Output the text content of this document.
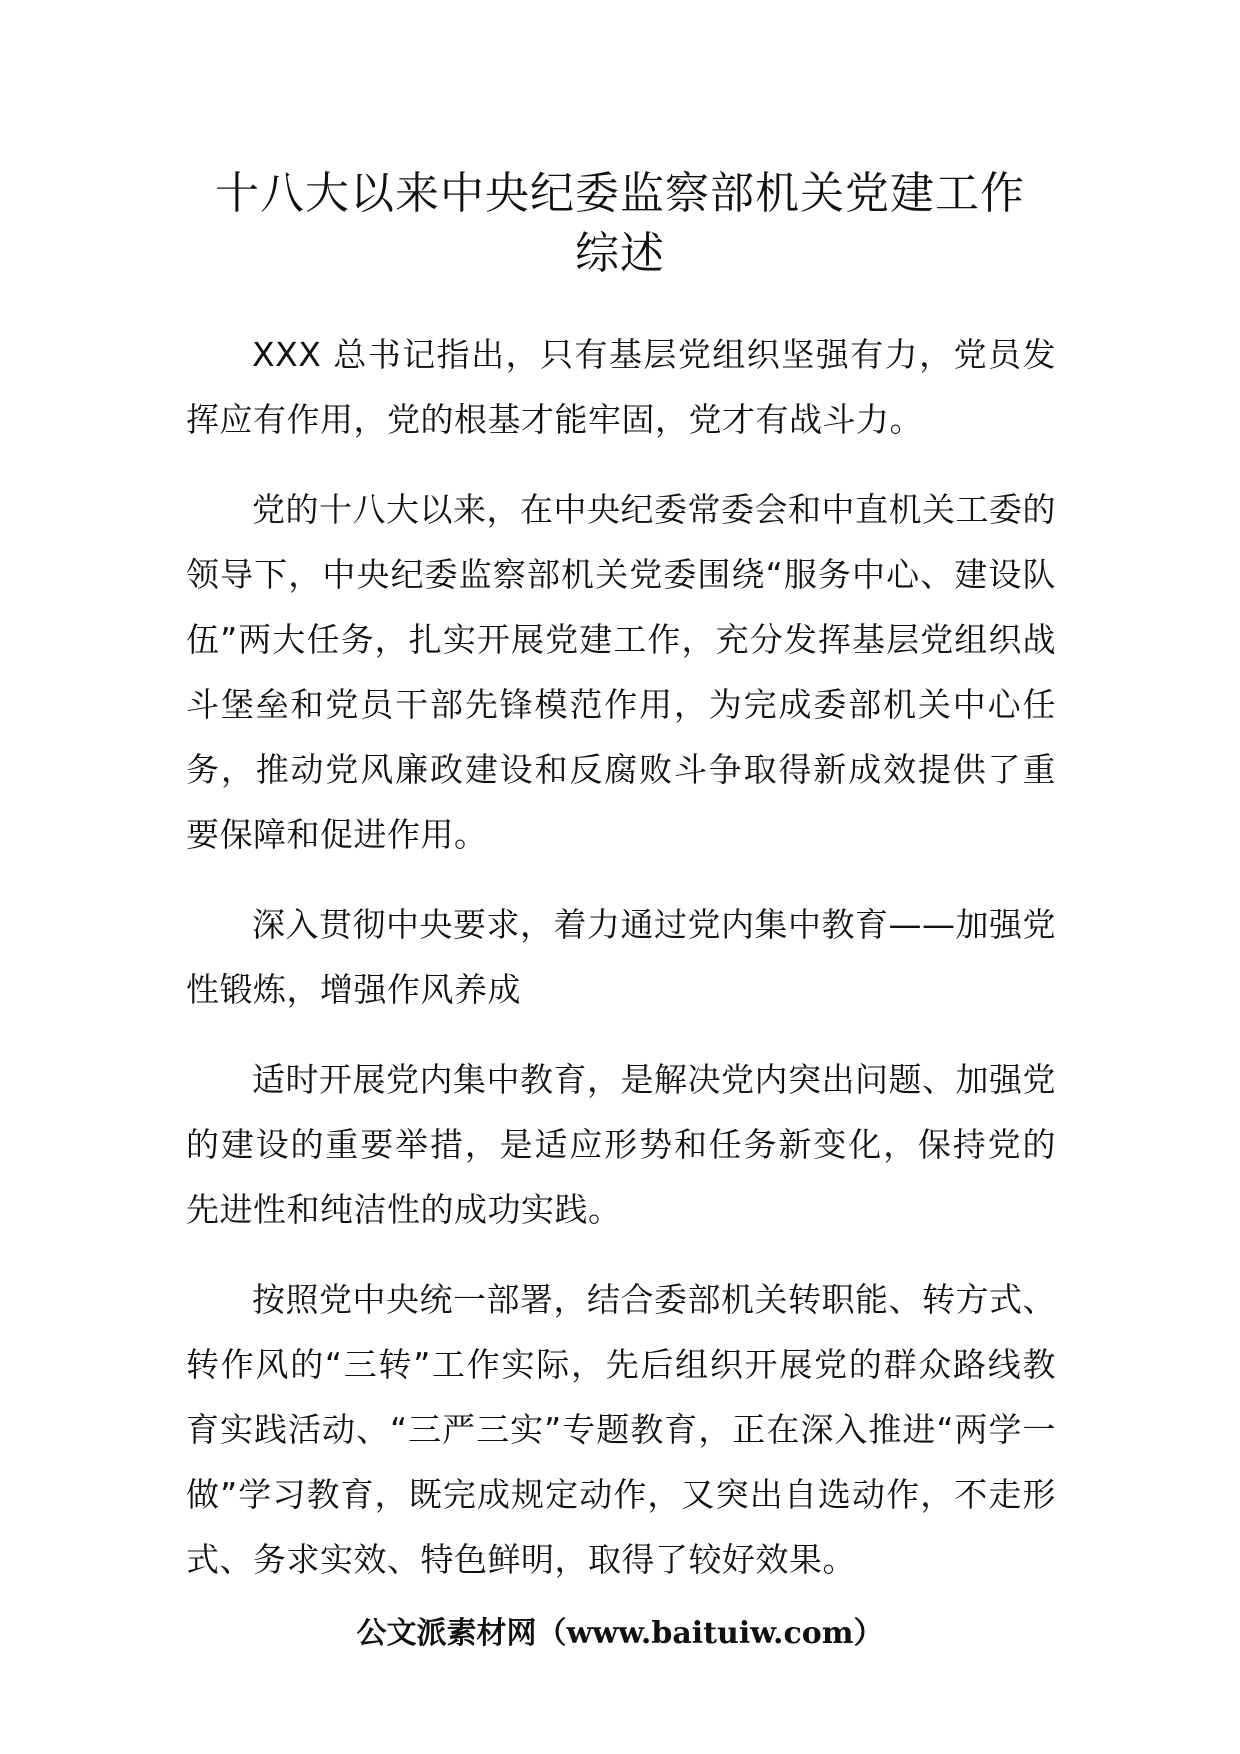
十八大以来中央纪委监察部机关党建工作
综述

XXX 总书记指出，只有基层党组织坚强有力，党员发挥应有作用，党的根基才能牢固，党才有战斗力。

党的十八大以来，在中央纪委常委会和中直机关工委的领导下，中央纪委监察部机关党委围绕“服务中心、建设队伍”两大任务，扎实开展党建工作，充分发挥基层党组织战斗堡垒和党员干部先锋模范作用，为完成委部机关中心任务，推动党风廉政建设和反腐败斗争取得新成效提供了重要保障和促进作用。

深入贯彻中央要求，着力通过党内集中教育——加强党性锻炼，增强作风养成

适时开展党内集中教育，是解决党内突出问题、加强党的建设的重要举措，是适应形势和任务新变化，保持党的先进性和纯洁性的成功实践。

按照党中央统一部署，结合委部机关转职能、转方式、转作风的“三转”工作实际，先后组织开展党的群众路线教育实践活动、“三严三实”专题教育，正在深入推进“两学一做”学习教育，既完成规定动作，又突出自选动作，不走形式、务求实效、特色鲜明，取得了较好效果。

公文派素材网（www.baituiw.com）
